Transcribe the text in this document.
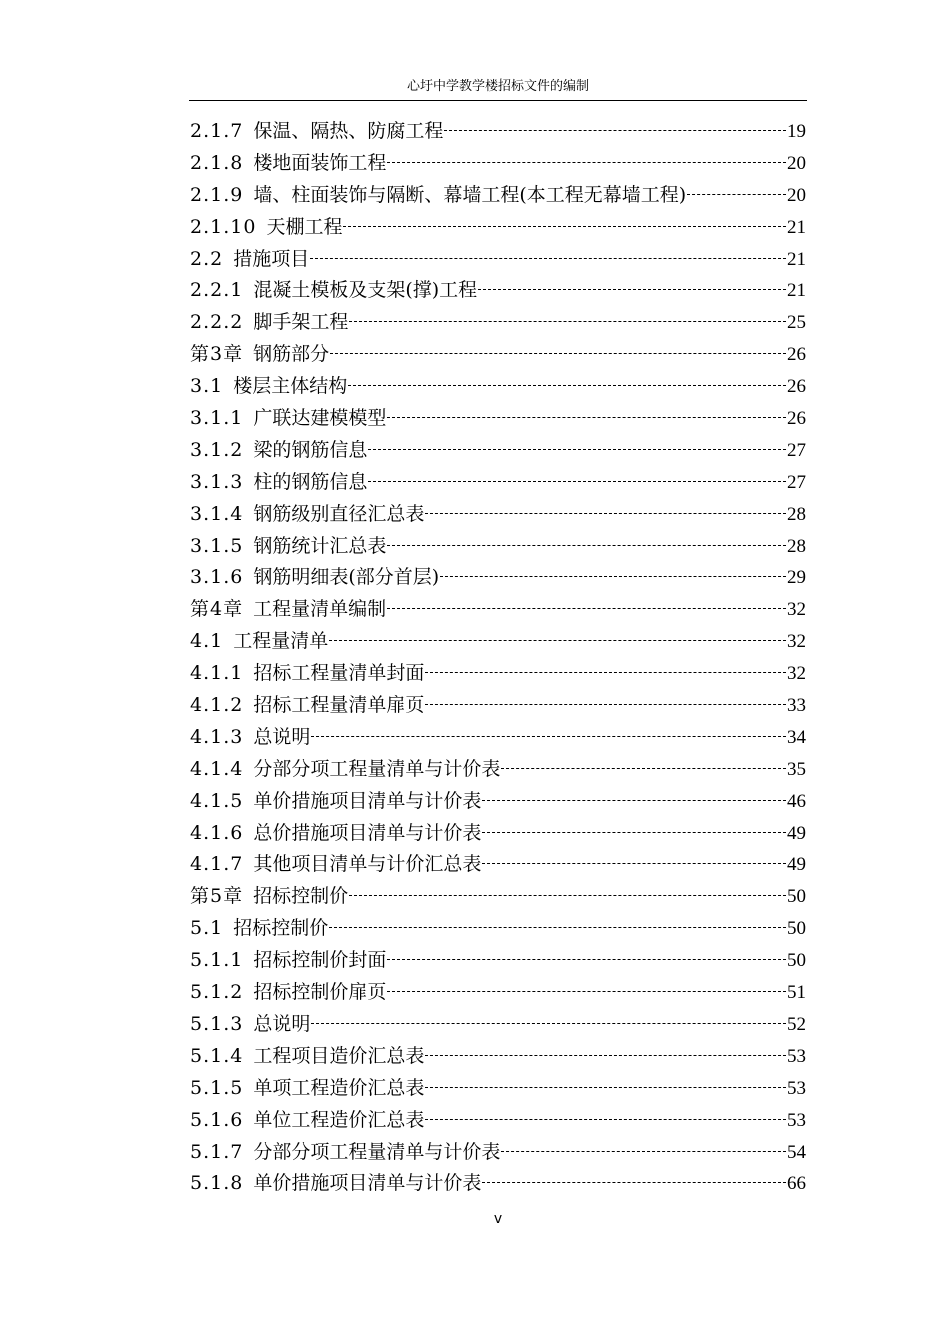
心圩中学教学楼招标文件的编制
2.1.7 保温、隔热、防腐工程	19
2.1.8 楼地面装饰工程	20
2.1.9 墙、柱面装饰与隔断、幕墙工程(本工程无幕墙工程)	20
2.1.10 天棚工程	21
2.2 措施项目	21
2.2.1 混凝土模板及支架(撑)工程	21
2.2.2 脚手架工程	25
第3章 钢筋部分	26
3.1 楼层主体结构	26
3.1.1 广联达建模模型	26
3.1.2 梁的钢筋信息	27
3.1.3 柱的钢筋信息	27
3.1.4 钢筋级别直径汇总表	28
3.1.5 钢筋统计汇总表	28
3.1.6 钢筋明细表(部分首层)	29
第4章 工程量清单编制	32
4.1 工程量清单	32
4.1.1 招标工程量清单封面	32
4.1.2 招标工程量清单扉页	33
4.1.3 总说明	34
4.1.4 分部分项工程量清单与计价表	35
4.1.5 单价措施项目清单与计价表	46
4.1.6 总价措施项目清单与计价表	49
4.1.7 其他项目清单与计价汇总表	49
第5章 招标控制价	50
5.1 招标控制价	50
5.1.1 招标控制价封面	50
5.1.2 招标控制价扉页	51
5.1.3 总说明	52
5.1.4 工程项目造价汇总表	53
5.1.5 单项工程造价汇总表	53
5.1.6 单位工程造价汇总表	53
5.1.7 分部分项工程量清单与计价表	54
5.1.8 单价措施项目清单与计价表	66
v
